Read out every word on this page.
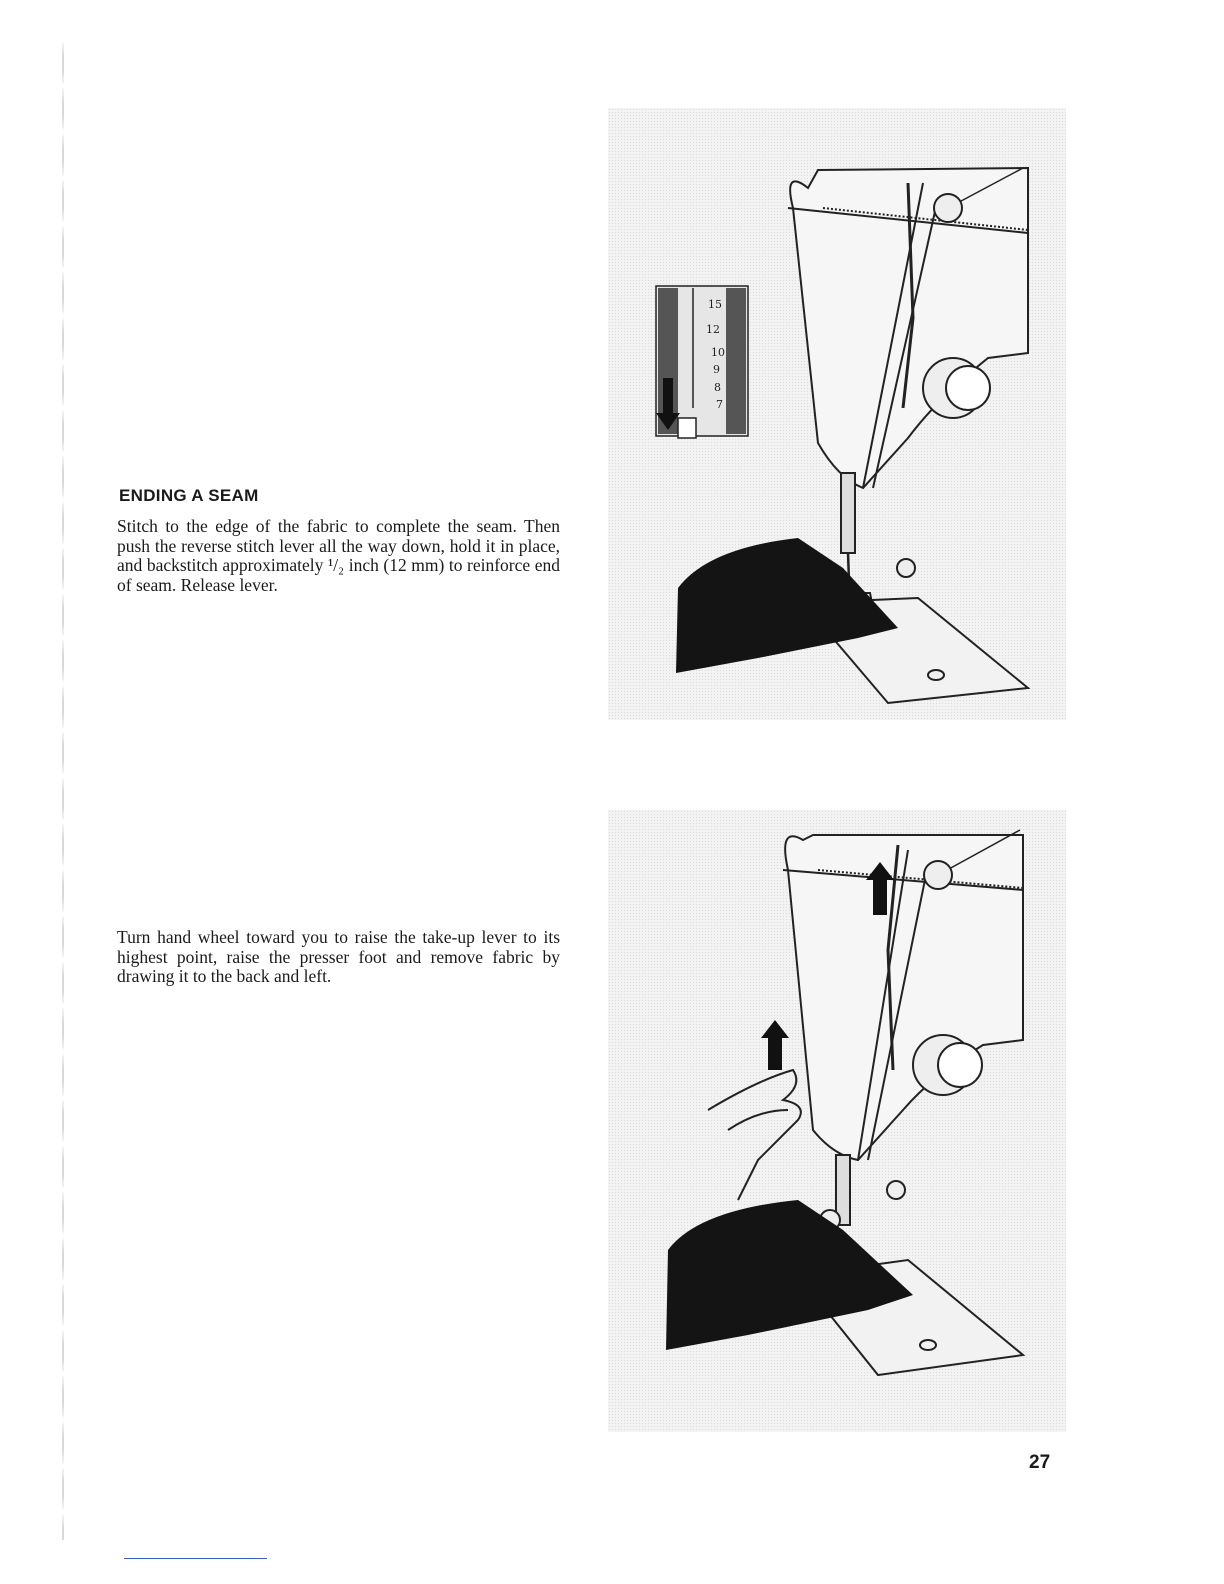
ENDING A SEAM

Stitch to the edge of the fabric to complete the seam. Then push the reverse stitch lever all the way down, hold it in place, and backstitch approximately ¹/₂ inch (12 mm) to reinforce end of seam. Release lever.

Turn hand wheel toward you to raise the take-up lever to its highest point, raise the presser foot and remove fabric by drawing it to the back and left.

15
12
10
9
8
7
27
